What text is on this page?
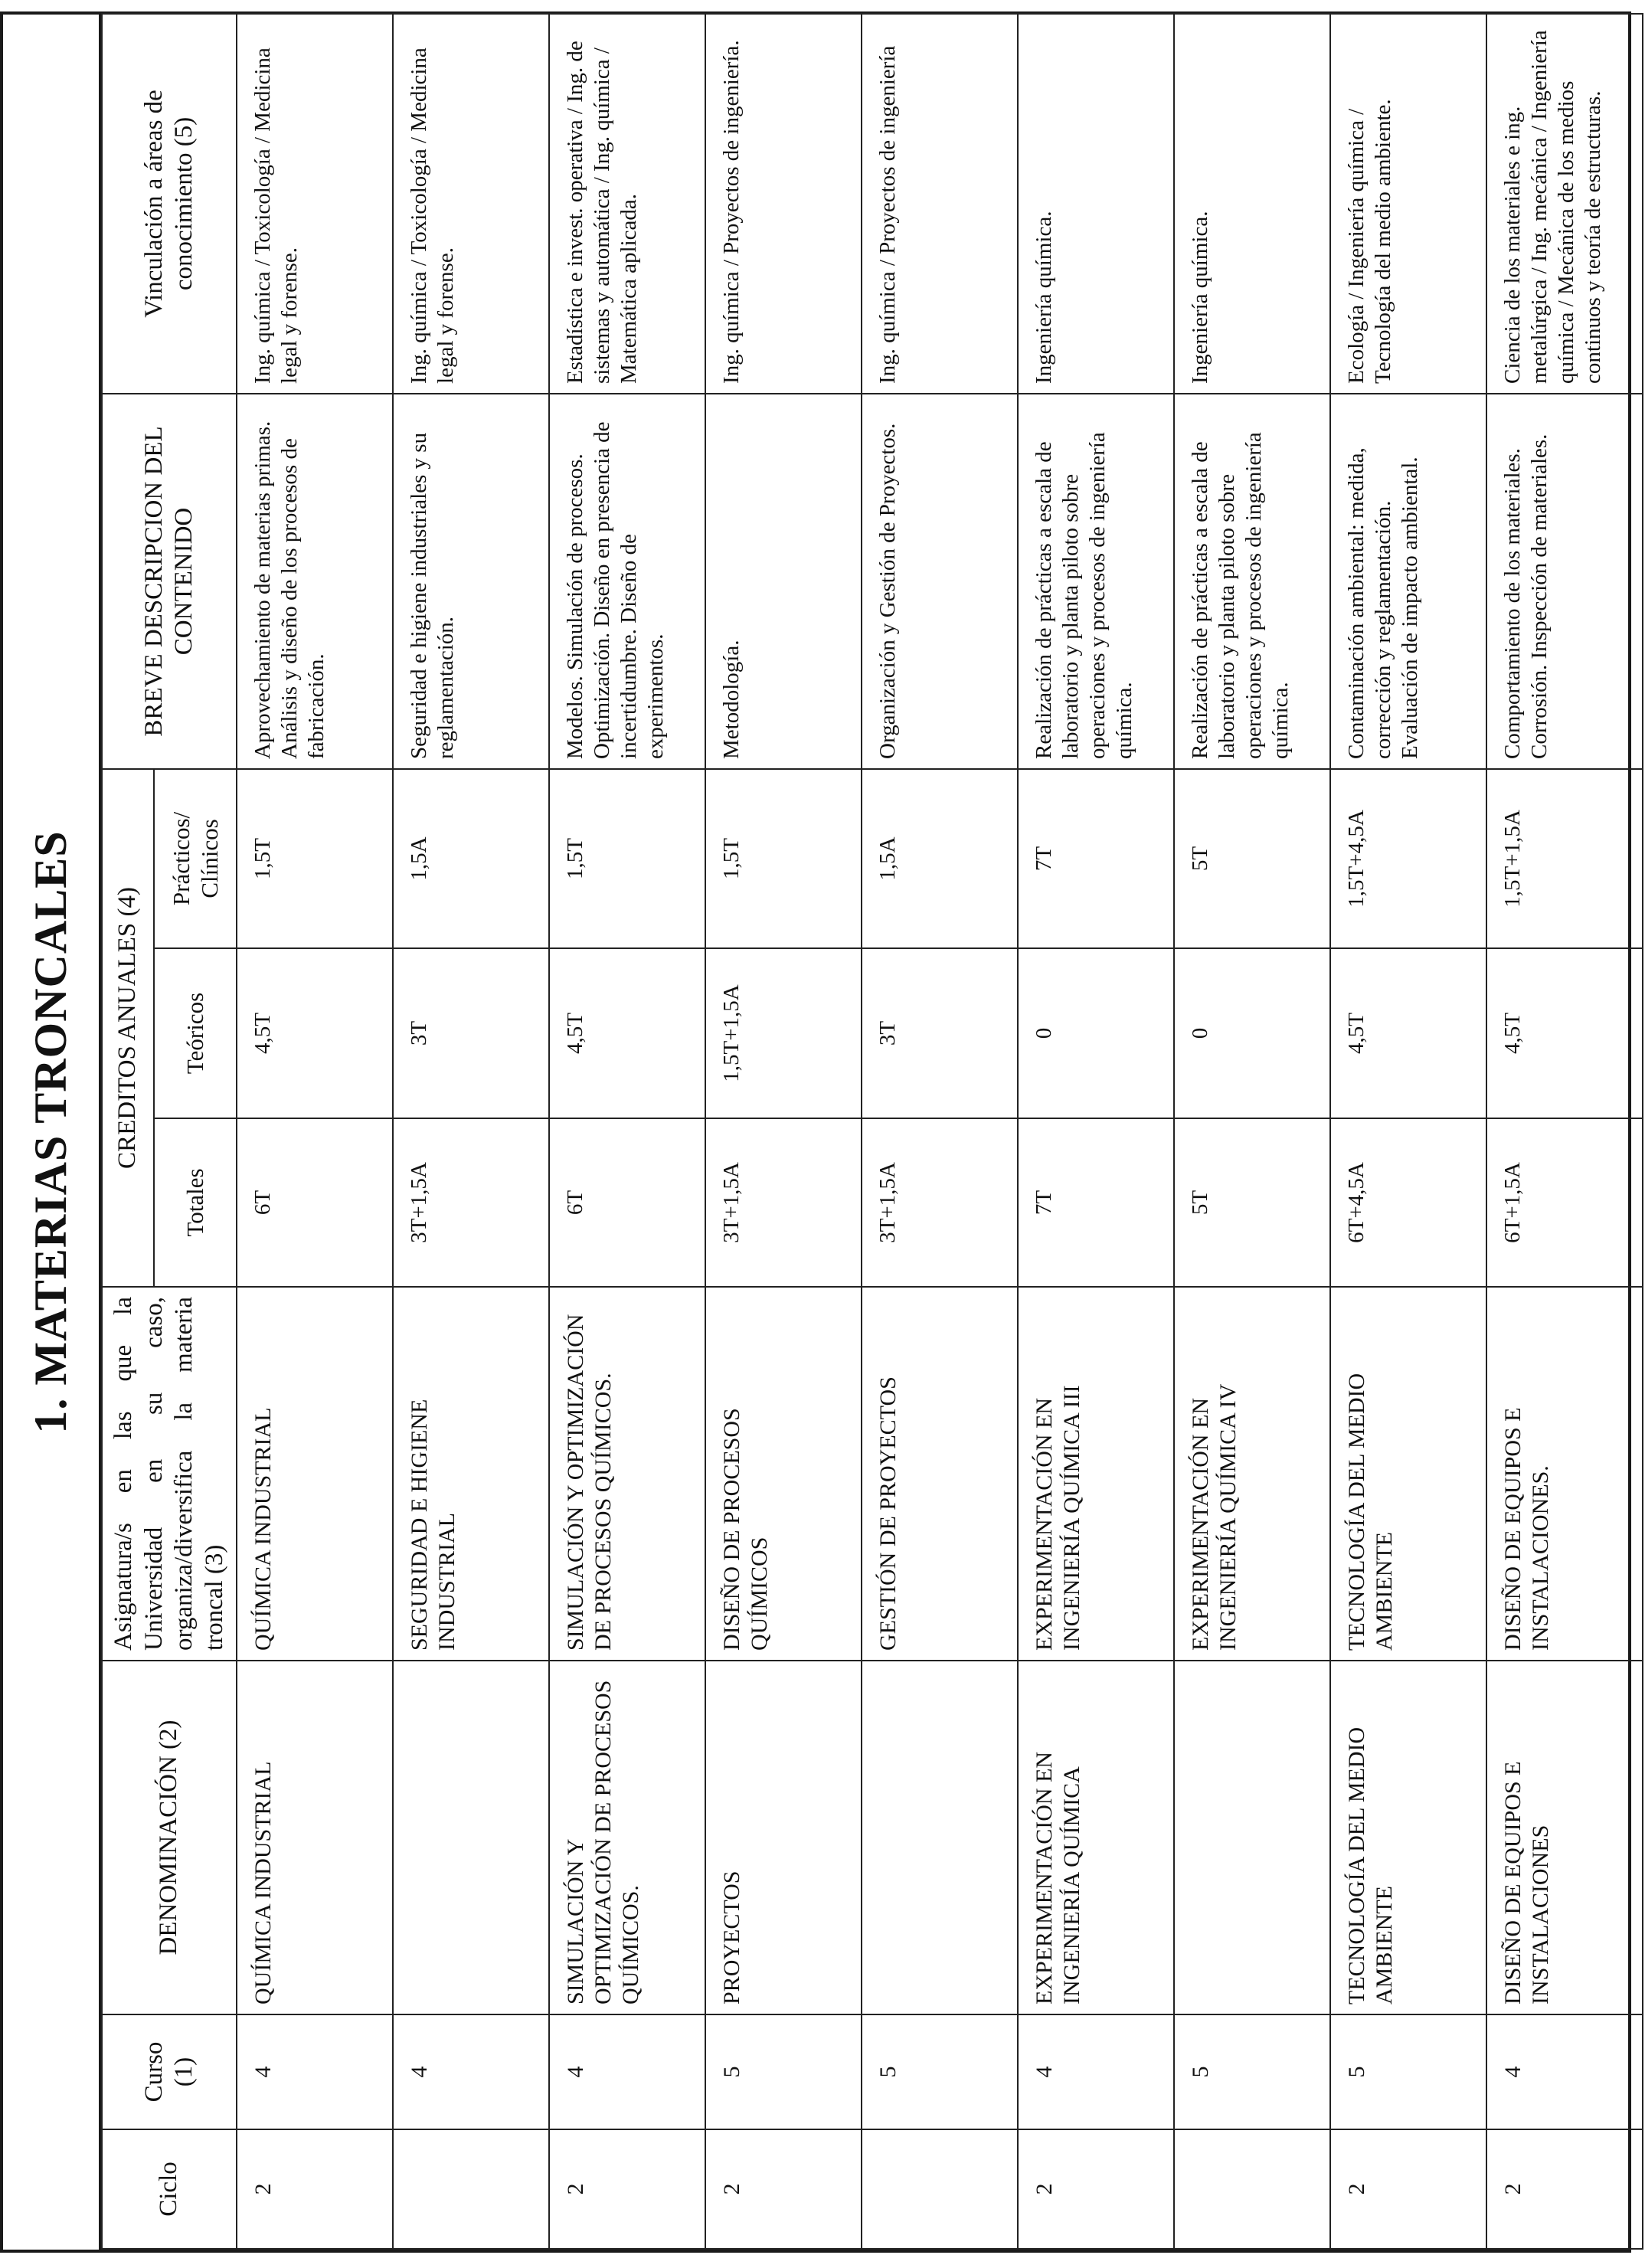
1. MATERIAS TRONCALES
Ciclo	Curso (1)	DENOMINACIÓN (2)	Asignatura/s en las que la Universidad en su caso, organiza/diversifica la materia troncal (3)	CREDITOS ANUALES (4)			BREVE DESCRIPCION DEL CONTENIDO	Vinculación a áreas de conocimiento (5)
				Totales	Teóricos	Prácticos/ Clínicos		
2	4	QUÍMICA INDUSTRIAL	QUÍMICA INDUSTRIAL	6T	4,5T	1,5T	Aprovechamiento de materias primas. Análisis y diseño de los procesos de fabricación.	Ing. química / Toxicología / Medicina legal y forense.
	4		SEGURIDAD E HIGIENE INDUSTRIAL	3T+1,5A	3T	1,5A	Seguridad e higiene industriales y su reglamentación.	Ing. química / Toxicología / Medicina legal y forense.
2	4	SIMULACIÓN Y OPTIMIZACIÓN DE PROCESOS QUÍMICOS.	SIMULACIÓN Y OPTIMIZACIÓN DE PROCESOS QUÍMICOS.	6T	4,5T	1,5T	Modelos. Simulación de procesos. Optimización. Diseño en presencia de incertidumbre. Diseño de experimentos.	Estadística e invest. operativa / Ing. de sistemas y automática / Ing. química / Matemática aplicada.
2	5	PROYECTOS	DISEÑO DE PROCESOS QUÍMICOS	3T+1,5A	1,5T+1,5A	1,5T	Metodología.	Ing. química / Proyectos de ingeniería.
	5		GESTIÓN DE PROYECTOS	3T+1,5A	3T	1,5A	Organización y Gestión de Proyectos.	Ing. química / Proyectos de ingeniería
2	4	EXPERIMENTACIÓN EN INGENIERÍA QUÍMICA	EXPERIMENTACIÓN EN INGENIERÍA QUÍMICA III	7T	0	7T	Realización de prácticas a escala de laboratorio y planta piloto sobre operaciones y procesos de ingeniería química.	Ingeniería química.
	5		EXPERIMENTACIÓN EN INGENIERÍA QUÍMICA IV	5T	0	5T	Realización de prácticas a escala de laboratorio y planta piloto sobre operaciones y procesos de ingeniería química.	Ingeniería química.
2	5	TECNOLOGÍA DEL MEDIO AMBIENTE	TECNOLOGÍA DEL MEDIO AMBIENTE	6T+4,5A	4,5T	1,5T+4,5A	Contaminación ambiental: medida, corrección y reglamentación. Evaluación de impacto ambiental.	Ecología / Ingeniería química / Tecnología del medio ambiente.
2	4	DISEÑO DE EQUIPOS E INSTALACIONES	DISEÑO DE EQUIPOS E INSTALACIONES.	6T+1,5A	4,5T	1,5T+1,5A	Comportamiento de los materiales. Corrosión. Inspección de materiales.	Ciencia de los materiales e ing. metalúrgica / Ing. mecánica / Ingeniería química / Mecánica de los medios continuos y teoría de estructuras.
